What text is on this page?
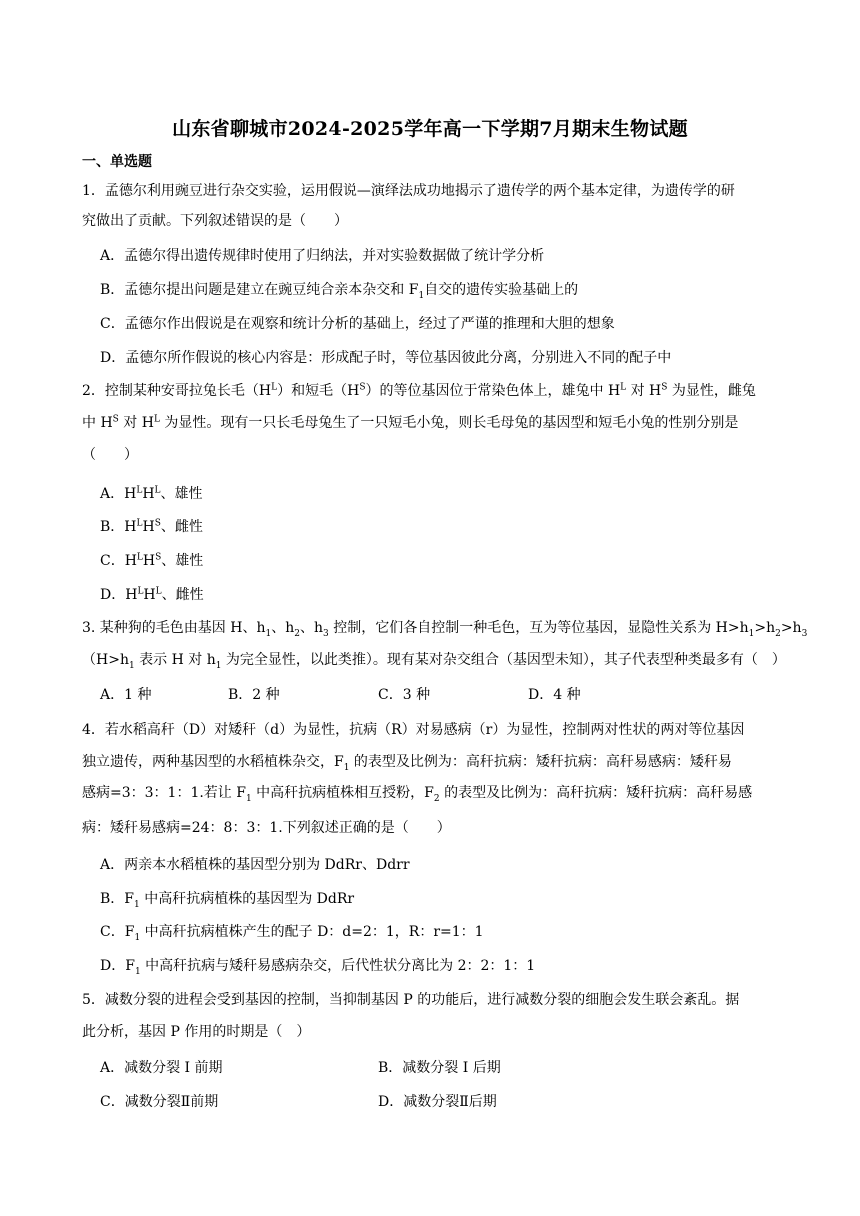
山东省聊城市2024-2025学年高一下学期7月期末生物试题
一、单选题
1．孟德尔利用豌豆进行杂交实验，运用假说—演绎法成功地揭示了遗传学的两个基本定律，为遗传学的研
究做出了贡献。下列叙述错误的是（　　）
A．孟德尔得出遗传规律时使用了归纳法，并对实验数据做了统计学分析
B．孟德尔提出问题是建立在豌豆纯合亲本杂交和 $F_1$自交的遗传实验基础上的
C．孟德尔作出假说是在观察和统计分析的基础上，经过了严谨的推理和大胆的想象
D．孟德尔所作假说的核心内容是：形成配子时，等位基因彼此分离，分别进入不同的配子中
2．控制某种安哥拉兔长毛$(H^L)$和短毛$(H^S)$的等位基因位于常染色体上，雄兔中 $H^L$ 对 $H^S$ 为显性，雌兔
中 $H^S$ 对 $H^L$ 为显性。现有一只长毛母兔生了一只短毛小兔，则长毛母兔的基因型和短毛小兔的性别分别是
（　　）
A．$H^LH^L$、雄性
B．$H^LH^S$、雌性
C．$H^LH^S$、雄性
D．$H^LH^L$、雌性
3. 某种狗的毛色由基因 H、$h_1$、$h_2$、$h_3$ 控制，它们各自控制一种毛色，互为等位基因，显隐性关系为 $H>h_1>h_2>h_3$
（$H>h_1$ 表示 H 对 $h_1$ 为完全显性，以此类推）。现有某对杂交组合（基因型未知），其子代表型种类最多有（　）
A．1 种	B．2 种	C．3 种	D．4 种
4．若水稻高秆（D）对矮秆（d）为显性，抗病（R）对易感病（r）为显性，控制两对性状的两对等位基因
独立遗传，两种基因型的水稻植株杂交，$F_1$ 的表型及比例为：高秆抗病：矮秆抗病：高秆易感病：矮秆易
感病=3：3：1：1.若让 $F_1$ 中高秆抗病植株相互授粉，$F_2$ 的表型及比例为：高秆抗病：矮秆抗病：高秆易感
病：矮秆易感病=24：8：3：1.下列叙述正确的是（　　）
A．两亲本水稻植株的基因型分别为 DdRr、Ddrr
B．$F_1$ 中高秆抗病植株的基因型为 DdRr
C．$F_1$ 中高秆抗病植株产生的配子 D：d=2：1，R：r=1：1
D．$F_1$ 中高秆抗病与矮秆易感病杂交，后代性状分离比为 2：2：1：1
5．减数分裂的进程会受到基因的控制，当抑制基因 P 的功能后，进行减数分裂的细胞会发生联会紊乱。据
此分析，基因 P 作用的时期是（　）
A．减数分裂 I 前期	B．减数分裂 I 后期
C．减数分裂Ⅱ前期	D．减数分裂Ⅱ后期
